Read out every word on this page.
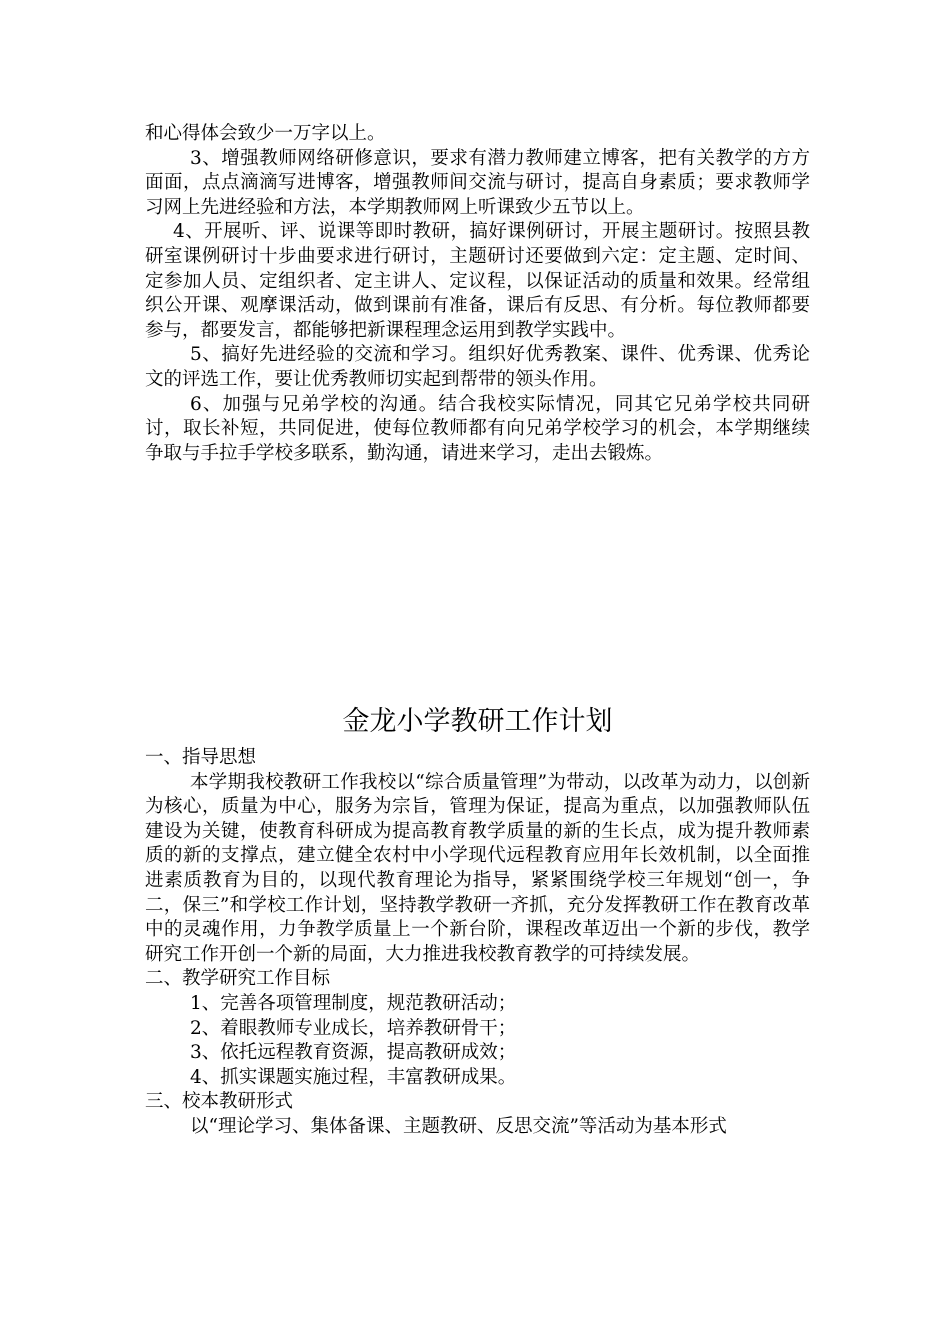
和心得体会致少一万字以上。

3、增强教师网络研修意识，要求有潜力教师建立博客，把有关教学的方方面面，点点滴滴写进博客，增强教师间交流与研讨，提高自身素质；要求教师学习网上先进经验和方法，本学期教师网上听课致少五节以上。

4、开展听、评、说课等即时教研，搞好课例研讨，开展主题研讨。按照县教研室课例研讨十步曲要求进行研讨，主题研讨还要做到六定：定主题、定时间、定参加人员、定组织者、定主讲人、定议程，以保证活动的质量和效果。经常组织公开课、观摩课活动，做到课前有准备，课后有反思、有分析。每位教师都要参与，都要发言，都能够把新课程理念运用到教学实践中。

5、搞好先进经验的交流和学习。组织好优秀教案、课件、优秀课、优秀论文的评选工作，要让优秀教师切实起到帮带的领头作用。

6、加强与兄弟学校的沟通。结合我校实际情况，同其它兄弟学校共同研讨，取长补短，共同促进，使每位教师都有向兄弟学校学习的机会，本学期继续争取与手拉手学校多联系，勤沟通，请进来学习，走出去锻炼。

金龙小学教研工作计划

一、指导思想

本学期我校教研工作我校以“综合质量管理”为带动，以改革为动力，以创新为核心，质量为中心，服务为宗旨，管理为保证，提高为重点，以加强教师队伍建设为关键，使教育科研成为提高教育教学质量的新的生长点，成为提升教师素质的新的支撑点，建立健全农村中小学现代远程教育应用年长效机制，以全面推进素质教育为目的，以现代教育理论为指导，紧紧围绕学校三年规划“创一，争二，保三”和学校工作计划，坚持教学教研一齐抓，充分发挥教研工作在教育改革中的灵魂作用，力争教学质量上一个新台阶，课程改革迈出一个新的步伐，教学研究工作开创一个新的局面，大力推进我校教育教学的可持续发展。

二、教学研究工作目标

1、完善各项管理制度，规范教研活动；

2、着眼教师专业成长，培养教研骨干；

3、依托远程教育资源，提高教研成效；

4、抓实课题实施过程，丰富教研成果。

三、校本教研形式

以“理论学习、集体备课、主题教研、反思交流”等活动为基本形式
